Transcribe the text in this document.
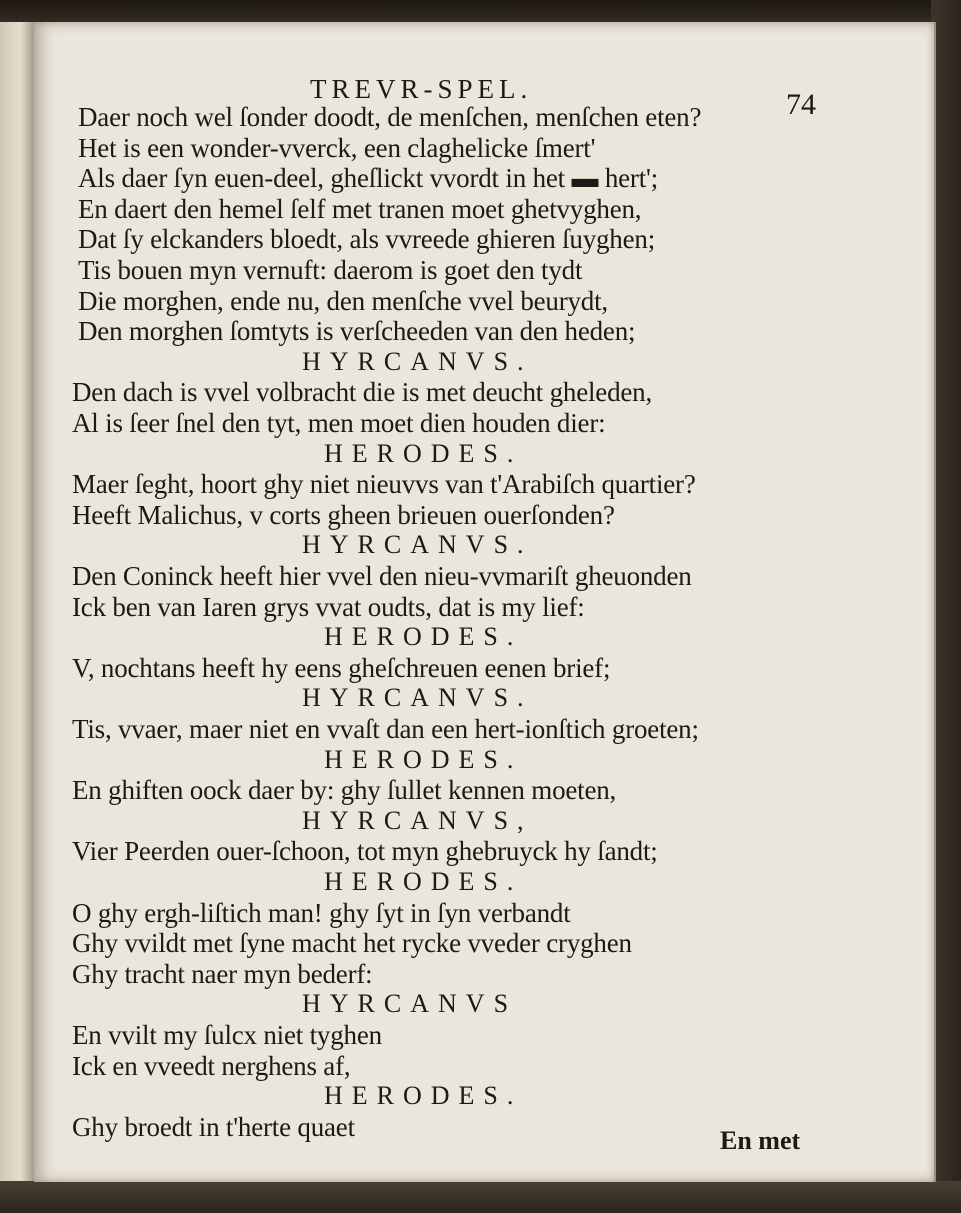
TREVR-SPEL.	74
Daer noch wel ſonder doodt, de menſchen, menſchen eten?
Het is een wonder-vverck, een claghelicke ſmert'
Als daer ſyn euen-deel, gheſlickt vvordt in het ▬ hert';
En daert den hemel ſelf met tranen moet ghetvyghen,
Dat ſy elckanders bloedt, als vvreede ghieren ſuyghen;
Tis bouen myn vernuft: daerom is goet den tydt
Die morghen, ende nu, den menſche vvel beurydt,
Den morghen ſomtyts is verſcheeden van den heden;
HYRCANVS.
Den dach is vvel volbracht die is met deucht gheleden,
Al is ſeer ſnel den tyt, men moet dien houden dier:
HERODES.
Maer ſeght, hoort ghy niet nieuvvs van t'Arabiſch quartier?
Heeft Malichus, v corts gheen brieuen ouerſonden?
HYRCANVS.
Den Coninck heeft hier vvel den nieu-vvmariſt gheuonden
Ick ben van Iaren grys vvat oudts, dat is my lief:
HERODES.
V, nochtans heeft hy eens gheſchreuen eenen brief;
HYRCANVS.
Tis, vvaer, maer niet en vvaſt dan een hert-ionſtich groeten;
HERODES.
En ghiften oock daer by: ghy ſullet kennen moeten,
HYRCANVS,
Vier Peerden ouer-ſchoon, tot myn ghebruyck hy ſandt;
HERODES.
O ghy ergh-liſtich man! ghy ſyt in ſyn verbandt
Ghy vvildt met ſyne macht het rycke vveder cryghen
Ghy tracht naer myn bederf:
HYRCANVS
En vvilt my ſulcx niet tyghen
Ick en vveedt nerghens af,
HERODES.
Ghy broedt in t'herte quaet	En met
